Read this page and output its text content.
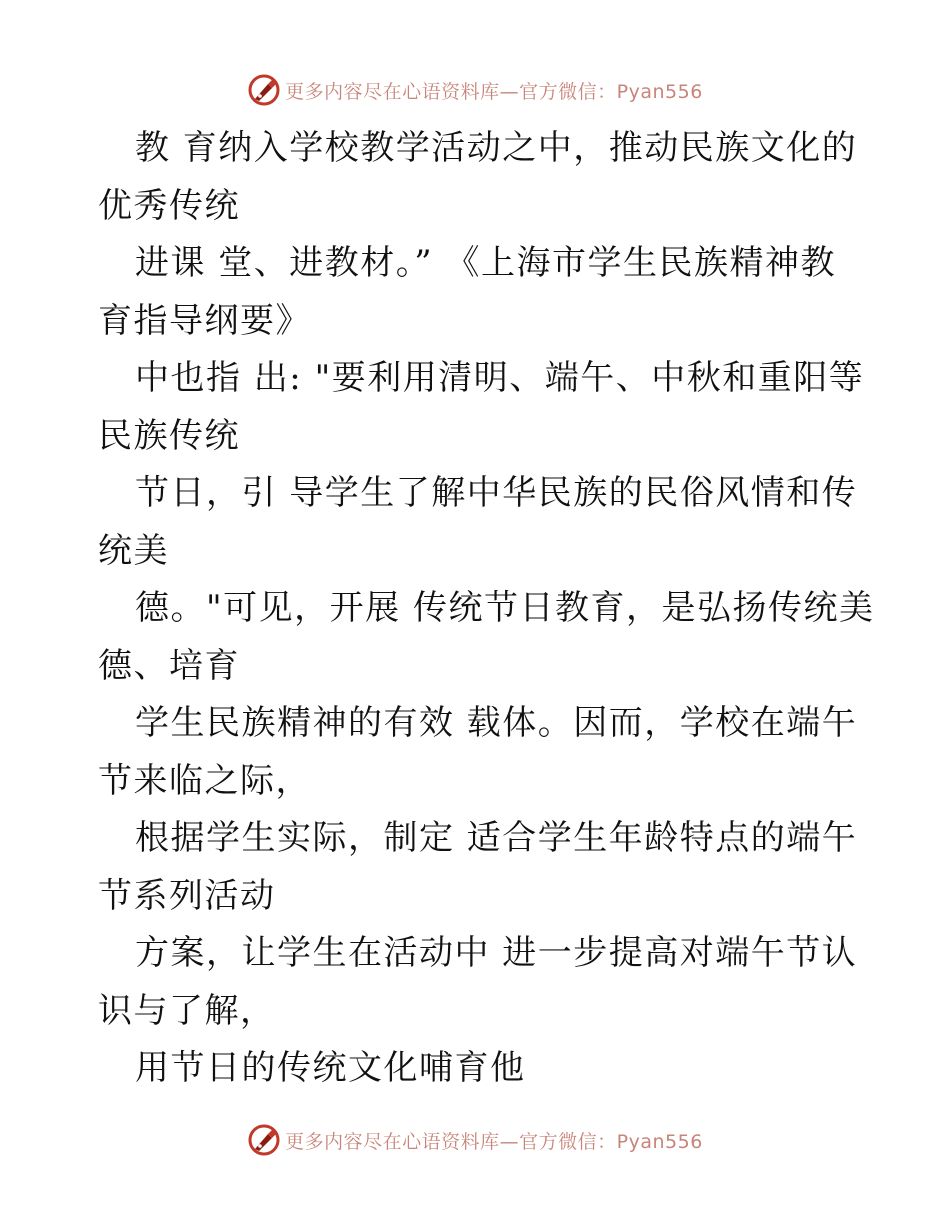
更多内容尽在心语资料库—官方微信：Pyan556
教 育纳入学校教学活动之中，推动民族文化的
优秀传统
进课 堂、进教材。” 《上海市学生民族精神教
育指导纲要》
中也指 出: "要利用清明、端午、中秋和重阳等
民族传统
节日，引 导学生了解中华民族的民俗风情和传
统美
德。"可见，开展 传统节日教育，是弘扬传统美
德、培育
学生民族精神的有效 载体。因而，学校在端午
节来临之际，
根据学生实际，制定 适合学生年龄特点的端午
节系列活动
方案，让学生在活动中 进一步提高对端午节认
识与了解，
用节日的传统文化哺育他
更多内容尽在心语资料库—官方微信：Pyan556
